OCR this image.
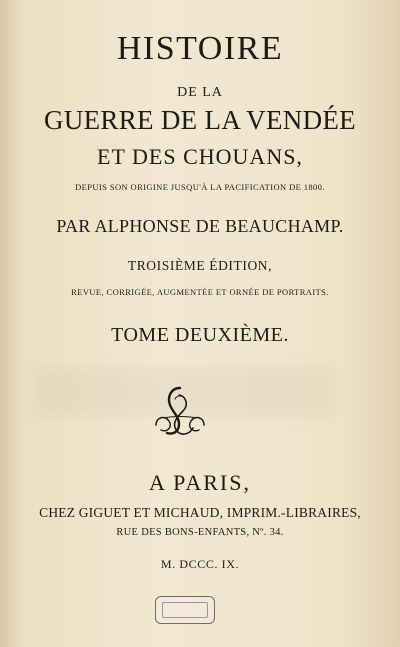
HISTOIRE
DE LA
GUERRE DE LA VENDÉE
ET DES CHOUANS,
DEPUIS SON ORIGINE JUSQU'À LA PACIFICATION DE 1800.
PAR ALPHONSE DE BEAUCHAMP.
TROISIÈME ÉDITION,
REVUE, CORRIGÉE, AUGMENTÉE ET ORNÉE DE PORTRAITS.
TOME DEUXIÈME.
A PARIS,
CHEZ GIGUET ET MICHAUD, IMPRIM.-LIBRAIRES,
RUE DES BONS-ENFANTS, Nº. 34.
M. DCCC. IX.
